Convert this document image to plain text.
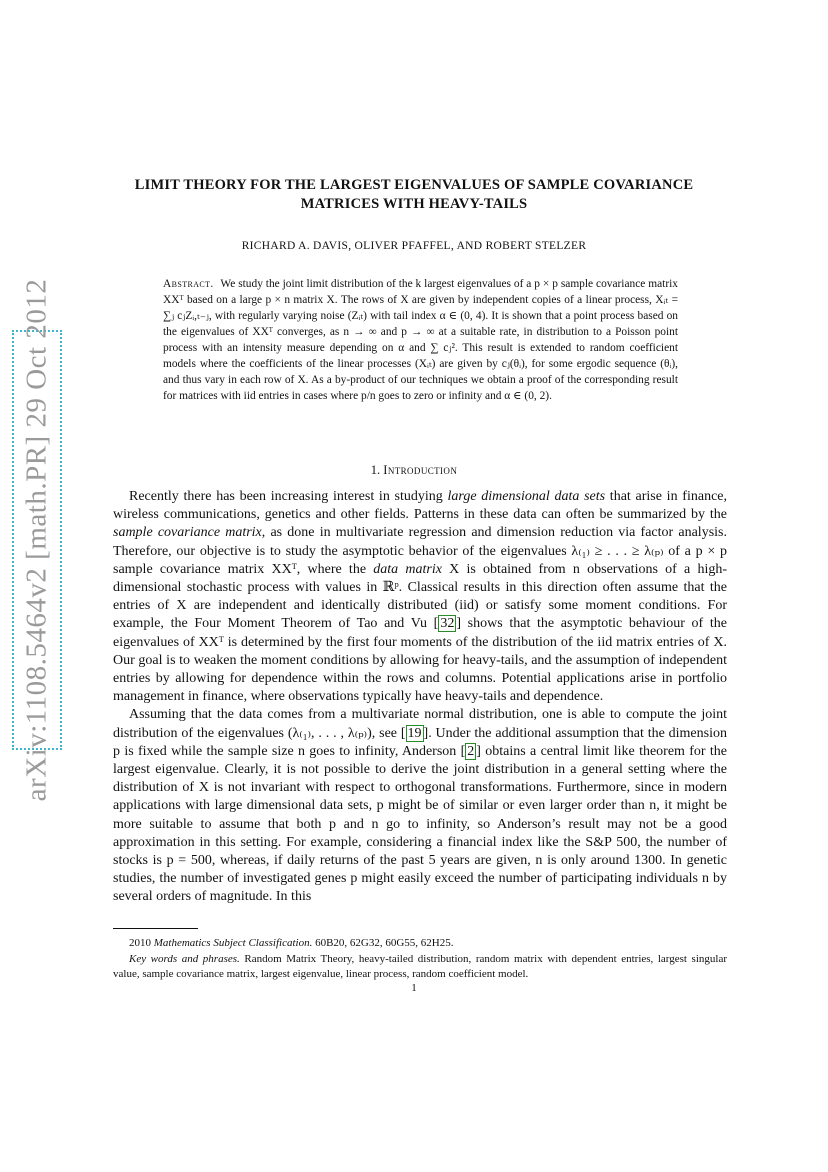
arXiv:1108.5464v2 [math.PR] 29 Oct 2012
LIMIT THEORY FOR THE LARGEST EIGENVALUES OF SAMPLE COVARIANCE
MATRICES WITH HEAVY-TAILS
RICHARD A. DAVIS, OLIVER PFAFFEL, AND ROBERT STELZER
Abstract. We study the joint limit distribution of the k largest eigenvalues of a p × p sample covariance matrix XXᵀ based on a large p × n matrix X. The rows of X are given by independent copies of a linear process, Xᵢₜ = ∑ⱼ cⱼZᵢ,ₜ₋ⱼ, with regularly varying noise (Zᵢₜ) with tail index α ∈ (0, 4). It is shown that a point process based on the eigenvalues of XXᵀ converges, as n → ∞ and p → ∞ at a suitable rate, in distribution to a Poisson point process with an intensity measure depending on α and ∑ cⱼ². This result is extended to random coefficient models where the coefficients of the linear processes (Xᵢₜ) are given by cⱼ(θᵢ), for some ergodic sequence (θᵢ), and thus vary in each row of X. As a by-product of our techniques we obtain a proof of the corresponding result for matrices with iid entries in cases where p/n goes to zero or infinity and α ∈ (0, 2).
1. Introduction

Recently there has been increasing interest in studying large dimensional data sets that arise in finance, wireless communications, genetics and other fields. Patterns in these data can often be summarized by the sample covariance matrix, as done in multivariate regression and dimension reduction via factor analysis. Therefore, our objective is to study the asymptotic behavior of the eigenvalues λ₍₁₎ ≥ . . . ≥ λ₍ₚ₎ of a p × p sample covariance matrix XXᵀ, where the data matrix X is obtained from n observations of a high-dimensional stochastic process with values in ℝᵖ. Classical results in this direction often assume that the entries of X are independent and identically distributed (iid) or satisfy some moment conditions. For example, the Four Moment Theorem of Tao and Vu [ 32 ] shows that the asymptotic behaviour of the eigenvalues of XXᵀ is determined by the first four moments of the distribution of the iid matrix entries of X. Our goal is to weaken the moment conditions by allowing for heavy-tails, and the assumption of independent entries by allowing for dependence within the rows and columns. Potential applications arise in portfolio management in finance, where observations typically have heavy-tails and dependence.

Assuming that the data comes from a multivariate normal distribution, one is able to compute the joint distribution of the eigenvalues (λ₍₁₎, . . . , λ₍ₚ₎), see [ 19 ]. Under the additional assumption that the dimension p is fixed while the sample size n goes to infinity, Anderson [ 2 ] obtains a central limit like theorem for the largest eigenvalue. Clearly, it is not possible to derive the joint distribution in a general setting where the distribution of X is not invariant with respect to orthogonal transformations. Furthermore, since in modern applications with large dimensional data sets, p might be of similar or even larger order than n, it might be more suitable to assume that both p and n go to infinity, so Anderson’s result may not be a good approximation in this setting. For example, considering a financial index like the S&P 500, the number of stocks is p = 500, whereas, if daily returns of the past 5 years are given, n is only around 1300. In genetic studies, the number of investigated genes p might easily exceed the number of participating individuals n by several orders of magnitude. In this

2010 Mathematics Subject Classification. 60B20, 62G32, 60G55, 62H25.

Key words and phrases. Random Matrix Theory, heavy-tailed distribution, random matrix with dependent entries, largest singular value, sample covariance matrix, largest eigenvalue, linear process, random coefficient model.

1
